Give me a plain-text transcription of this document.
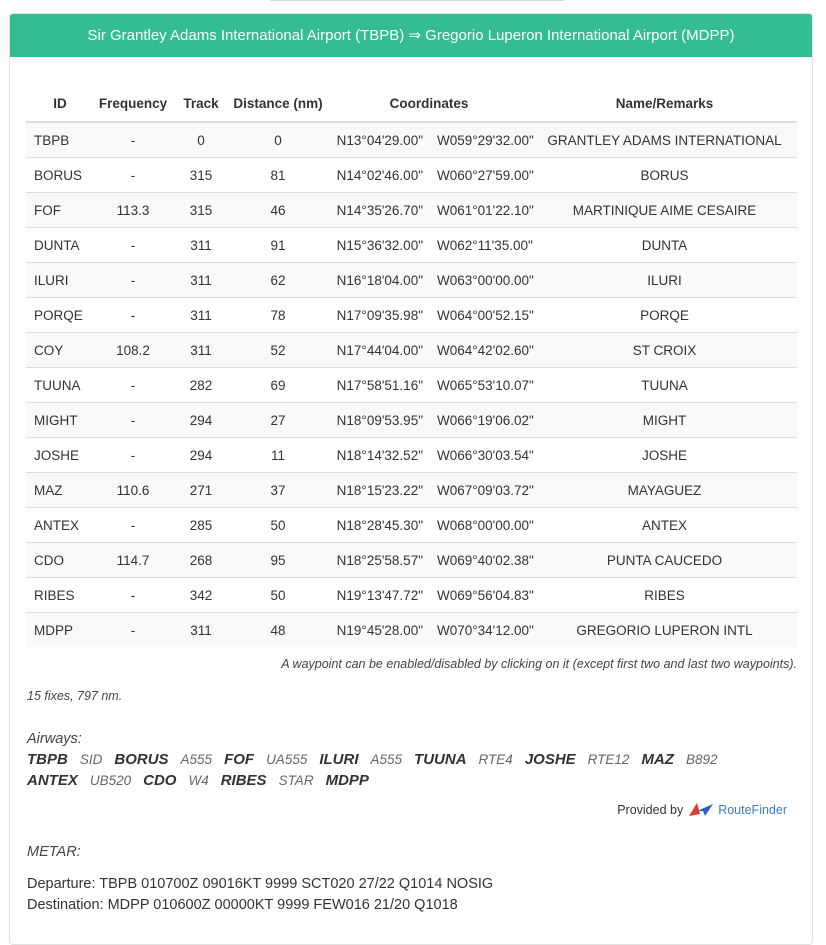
Sir Grantley Adams International Airport (TBPB) ⇒ Gregorio Luperon International Airport (MDPP)
ID	Frequency	Track	Distance (nm)	Coordinates		Name/Remarks
TBPB	-	0	0	N13°04'29.00"	W059°29'32.00"	GRANTLEY ADAMS INTERNATIONAL
BORUS	-	315	81	N14°02'46.00"	W060°27'59.00"	BORUS
FOF	113.3	315	46	N14°35'26.70"	W061°01'22.10"	MARTINIQUE AIME CESAIRE
DUNTA	-	311	91	N15°36'32.00"	W062°11'35.00"	DUNTA
ILURI	-	311	62	N16°18'04.00"	W063°00'00.00"	ILURI
PORQE	-	311	78	N17°09'35.98"	W064°00'52.15"	PORQE
COY	108.2	311	52	N17°44'04.00"	W064°42'02.60"	ST CROIX
TUUNA	-	282	69	N17°58'51.16"	W065°53'10.07"	TUUNA
MIGHT	-	294	27	N18°09'53.95"	W066°19'06.02"	MIGHT
JOSHE	-	294	11	N18°14'32.52"	W066°30'03.54"	JOSHE
MAZ	110.6	271	37	N18°15'23.22"	W067°09'03.72"	MAYAGUEZ
ANTEX	-	285	50	N18°28'45.30"	W068°00'00.00"	ANTEX
CDO	114.7	268	95	N18°25'58.57"	W069°40'02.38"	PUNTA CAUCEDO
RIBES	-	342	50	N19°13'47.72"	W069°56'04.83"	RIBES
MDPP	-	311	48	N19°45'28.00"	W070°34'12.00"	GREGORIO LUPERON INTL
A waypoint can be enabled/disabled by clicking on it (except first two and last two waypoints).
15 fixes, 797 nm.
Airways:
TBPB SID BORUS A555 FOF UA555 ILURI A555 TUUNA RTE4 JOSHE RTE12 MAZ B892
ANTEX UB520 CDO W4 RIBES STAR MDPP
Provided by	RouteFinder
METAR:
Departure: TBPB 010700Z 09016KT 9999 SCT020 27/22 Q1014 NOSIG
Destination: MDPP 010600Z 00000KT 9999 FEW016 21/20 Q1018
